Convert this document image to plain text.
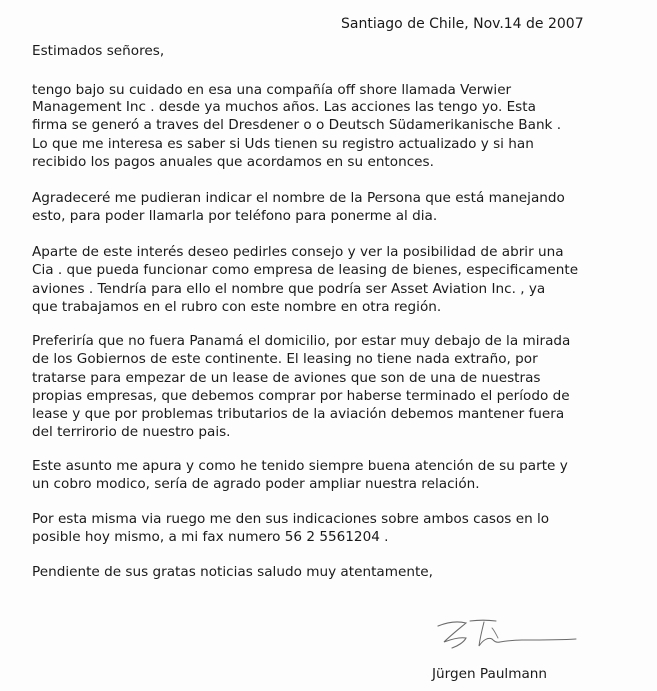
Santiago de Chile, Nov.14 de 2007
Estimados señores,
tengo bajo su cuidado en esa una compañía off shore llamada Verwier
Management Inc . desde ya muchos años. Las acciones las tengo yo. Esta
firma se generó a traves del Dresdener o o Deutsch Südamerikanische Bank .
Lo que me interesa es saber si Uds tienen su registro actualizado y si han
recibido los pagos anuales que acordamos en su entonces.
Agradeceré me pudieran indicar el nombre de la Persona que está manejando
esto, para poder llamarla por teléfono para ponerme al dia.
Aparte de este interés deseo pedirles consejo y ver la posibilidad de abrir una
Cia . que pueda funcionar como empresa de leasing de bienes, especificamente
aviones . Tendría para ello el nombre que podría ser Asset Aviation Inc. , ya
que trabajamos en el rubro con este nombre en otra región.
Preferiría que no fuera Panamá el domicilio, por estar muy debajo de la mirada
de los Gobiernos de este continente. El leasing no tiene nada extraño, por
tratarse para empezar de un lease de aviones que son de una de nuestras
propias empresas, que debemos comprar por haberse terminado el período de
lease y que por problemas tributarios de la aviación debemos mantener fuera
del terrirorio de nuestro pais.
Este asunto me apura y como he tenido siempre buena atención de su parte y
un cobro modico, sería de agrado poder ampliar nuestra relación.
Por esta misma via ruego me den sus indicaciones sobre ambos casos en lo
posible hoy mismo, a mi fax numero 56 2 5561204 .
Pendiente de sus gratas noticias saludo muy atentamente,
Jürgen Paulmann
